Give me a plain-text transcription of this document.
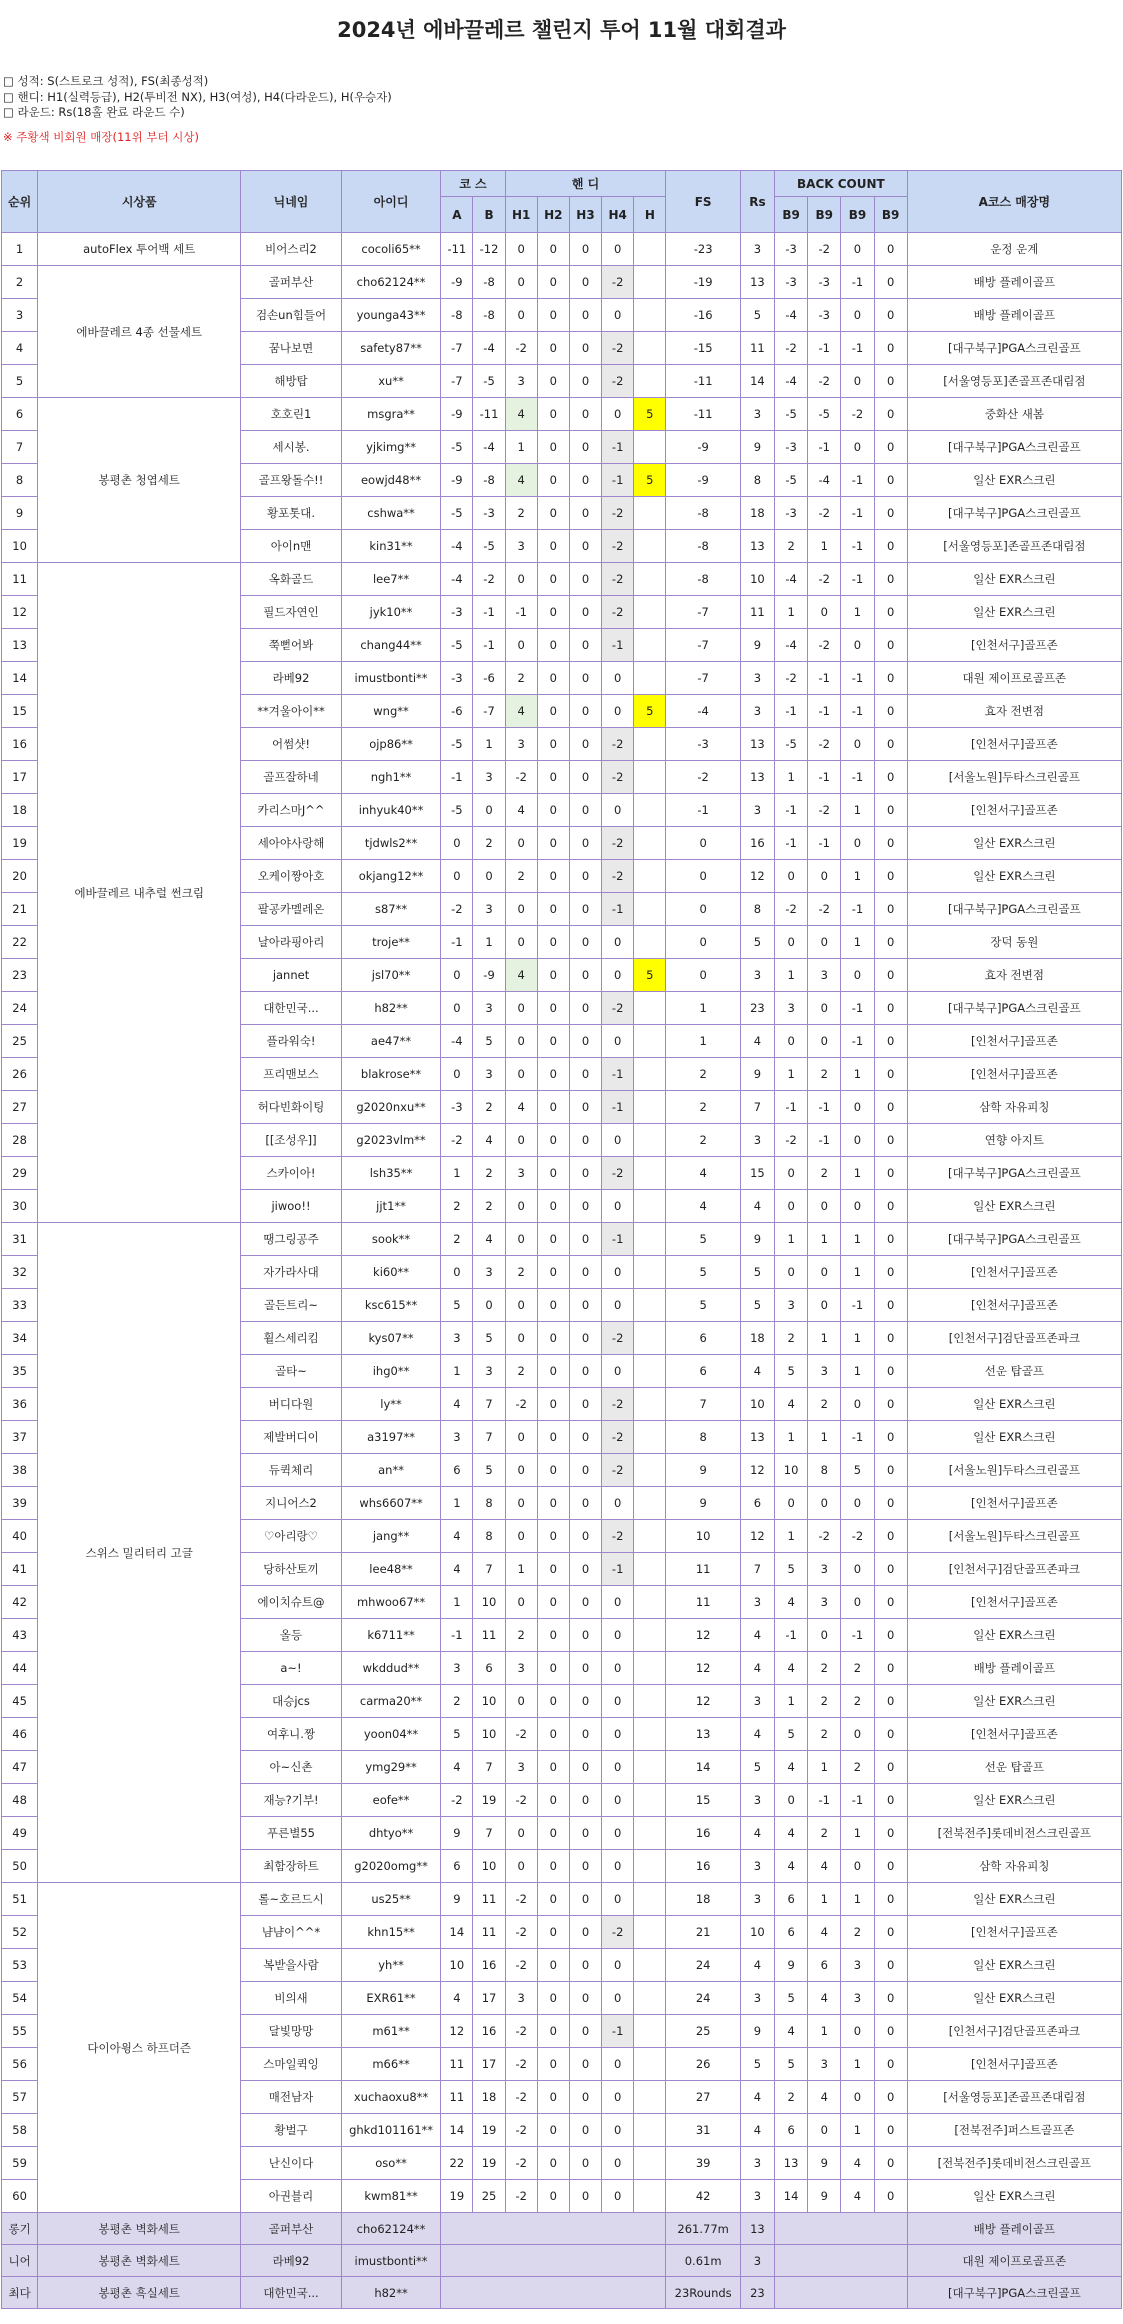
2024년 에바끌레르 챌린지 투어 11월 대회결과
□ 성적: S(스트로크 성적), FS(최종성적)
□ 핸디: H1(실력등급), H2(투비전 NX), H3(여성), H4(다라운드), H(우승자)
□ 라운드: Rs(18홀 완료 라운드 수)
※ 주황색 비회원 매장(11위 부터 시상)
순위	시상품	닉네임	아이디	코 스		핸 디					FS	Rs	BACK COUNT				A코스 매장명
				A	B	H1	H2	H3	H4	H			B9	B9	B9	B9	
1	autoFlex 투어백 세트	비어스리2	cocoli65**	-11	-12	0	0	0	0		-23	3	-3	-2	0	0	운정 운계
2	에바끌레르 4종 선물세트	골퍼부산	cho62124**	-9	-8	0	0	0	-2		-19	13	-3	-3	-1	0	배방 플레이골프
3		검손un힘들어	younga43**	-8	-8	0	0	0	0		-16	5	-4	-3	0	0	배방 플레이골프
4		꿈나보면	safety87**	-7	-4	-2	0	0	-2		-15	11	-2	-1	-1	0	[대구북구]PGA스크린골프
5		해방탑	xu**	-7	-5	3	0	0	-2		-11	14	-4	-2	0	0	[서울영등포]존골프존대림점
6	봉평촌 청엽세트	호호린1	msgra**	-9	-11	4	0	0	0	5	-11	3	-5	-5	-2	0	중화산 새봄
7		세시봉.	yjkimg**	-5	-4	1	0	0	-1		-9	9	-3	-1	0	0	[대구북구]PGA스크린골프
8		골프왕돌수!!	eowjd48**	-9	-8	4	0	0	-1	5	-9	8	-5	-4	-1	0	일산 EXR스크린
9		황포톳대.	cshwa**	-5	-3	2	0	0	-2		-8	18	-3	-2	-1	0	[대구북구]PGA스크린골프
10		아이n맨	kin31**	-4	-5	3	0	0	-2		-8	13	2	1	-1	0	[서울영등포]존골프존대림점
11	에바끌레르 내추럴 썬크림	옥화골드	lee7**	-4	-2	0	0	0	-2		-8	10	-4	-2	-1	0	일산 EXR스크린
12		필드자연인	jyk10**	-3	-1	-1	0	0	-2		-7	11	1	0	1	0	일산 EXR스크린
13		쭉뻗어봐	chang44**	-5	-1	0	0	0	-1		-7	9	-4	-2	0	0	[인천서구]골프존
14		라베92	imustbonti**	-3	-6	2	0	0	0		-7	3	-2	-1	-1	0	대원 제이프로골프존
15		**겨울아이**	wng**	-6	-7	4	0	0	0	5	-4	3	-1	-1	-1	0	효자 전변점
16		어썸샷!	ojp86**	-5	1	3	0	0	-2		-3	13	-5	-2	0	0	[인천서구]골프존
17		골프잘하네	ngh1**	-1	3	-2	0	0	-2		-2	13	1	-1	-1	0	[서울노원]두타스크린골프
18		카리스마J^^	inhyuk40**	-5	0	4	0	0	0		-1	3	-1	-2	1	0	[인천서구]골프존
19		세아야사랑해	tjdwls2**	0	2	0	0	0	-2		0	16	-1	-1	0	0	일산 EXR스크린
20		오케이짱아호	okjang12**	0	0	2	0	0	-2		0	12	0	0	1	0	일산 EXR스크린
21		팔공카멜레온	s87**	-2	3	0	0	0	-1		0	8	-2	-2	-1	0	[대구북구]PGA스크린골프
22		날아라핑아리	troje**	-1	1	0	0	0	0		0	5	0	0	1	0	장덕 동원
23		jannet	jsl70**	0	-9	4	0	0	0	5	0	3	1	3	0	0	효자 전변점
24		대한민국...	h82**	0	3	0	0	0	-2		1	23	3	0	-1	0	[대구북구]PGA스크린골프
25		플라워숙!	ae47**	-4	5	0	0	0	0		1	4	0	0	-1	0	[인천서구]골프존
26		프리맨보스	blakrose**	0	3	0	0	0	-1		2	9	1	2	1	0	[인천서구]골프존
27		허다빈화이팅	g2020nxu**	-3	2	4	0	0	-1		2	7	-1	-1	0	0	삼학 자유피칭
28		[[조성우]]	g2023vlm**	-2	4	0	0	0	0		2	3	-2	-1	0	0	연향 아지트
29		스카이아!	lsh35**	1	2	3	0	0	-2		4	15	0	2	1	0	[대구북구]PGA스크린골프
30		jiwoo!!	jjt1**	2	2	0	0	0	0		4	4	0	0	0	0	일산 EXR스크린
31	스위스 밀리터리 고글	땡그링공주	sook**	2	4	0	0	0	-1		5	9	1	1	1	0	[대구북구]PGA스크린골프
32		자가라사대	ki60**	0	3	2	0	0	0		5	5	0	0	1	0	[인천서구]골프존
33		골든트리~	ksc615**	5	0	0	0	0	0		5	5	3	0	-1	0	[인천서구]골프존
34		휠스세리킴	kys07**	3	5	0	0	0	-2		6	18	2	1	1	0	[인천서구]검단골프존파크
35		골타~	ihg0**	1	3	2	0	0	0		6	4	5	3	1	0	선운 탑골프
36		버디다원	ly**	4	7	-2	0	0	-2		7	10	4	2	0	0	일산 EXR스크린
37		제발버디이	a3197**	3	7	0	0	0	-2		8	13	1	1	-1	0	일산 EXR스크린
38		듀퀵체리	an**	6	5	0	0	0	-2		9	12	10	8	5	0	[서울노원]두타스크린골프
39		지니어스2	whs6607**	1	8	0	0	0	0		9	6	0	0	0	0	[인천서구]골프존
40		♡아리랑♡	jang**	4	8	0	0	0	-2		10	12	1	-2	-2	0	[서울노원]두타스크린골프
41		당하산토끼	lee48**	4	7	1	0	0	-1		11	7	5	3	0	0	[인천서구]검단골프존파크
42		에이치슈트@	mhwoo67**	1	10	0	0	0	0		11	3	4	3	0	0	[인천서구]골프존
43		올등	k6711**	-1	11	2	0	0	0		12	4	-1	0	-1	0	일산 EXR스크린
44		a~!	wkddud**	3	6	3	0	0	0		12	4	4	2	2	0	배방 플레이골프
45		대승jcs	carma20**	2	10	0	0	0	0		12	3	1	2	2	0	일산 EXR스크린
46		여후니.짱	yoon04**	5	10	-2	0	0	0		13	4	5	2	0	0	[인천서구]골프존
47		아~신촌	ymg29**	4	7	3	0	0	0		14	5	4	1	2	0	선운 탑골프
48		재능?기부!	eofe**	-2	19	-2	0	0	0		15	3	0	-1	-1	0	일산 EXR스크린
49		푸른별55	dhtyo**	9	7	0	0	0	0		16	4	4	2	1	0	[전북전주]롯데비전스크린골프
50		최함장하트	g2020omg**	6	10	0	0	0	0		16	3	4	4	0	0	삼학 자유피칭
51	다이아윙스 하프더즌	롤~호르드시	us25**	9	11	-2	0	0	0		18	3	6	1	1	0	일산 EXR스크린
52		냠냠이^^*	khn15**	14	11	-2	0	0	-2		21	10	6	4	2	0	[인천서구]골프존
53		복받을사람	yh**	10	16	-2	0	0	0		24	4	9	6	3	0	일산 EXR스크린
54		비의새	EXR61**	4	17	3	0	0	0		24	3	5	4	3	0	일산 EXR스크린
55		달빛망망	m61**	12	16	-2	0	0	-1		25	9	4	1	0	0	[인천서구]검단골프존파크
56		스마일퀵잉	m66**	11	17	-2	0	0	0		26	5	5	3	1	0	[인천서구]골프존
57		매전남자	xuchaoxu8**	11	18	-2	0	0	0		27	4	2	4	0	0	[서울영등포]존골프존대림점
58		황벌구	ghkd101161**	14	19	-2	0	0	0		31	4	6	0	1	0	[전북전주]퍼스트골프존
59		난신이다	oso**	22	19	-2	0	0	0		39	3	13	9	4	0	[전북전주]롯데비전스크린골프
60		아권블리	kwm81**	19	25	-2	0	0	0		42	3	14	9	4	0	일산 EXR스크린
롱기	봉평촌 벽화세트	골퍼부산	cho62124**								261.77m	13					배방 플레이골프
니어	봉평촌 벽화세트	라베92	imustbonti**								0.61m	3					대원 제이프로골프존
최다	봉평촌 흑실세트	대한민국...	h82**								23Rounds	23					[대구북구]PGA스크린골프
